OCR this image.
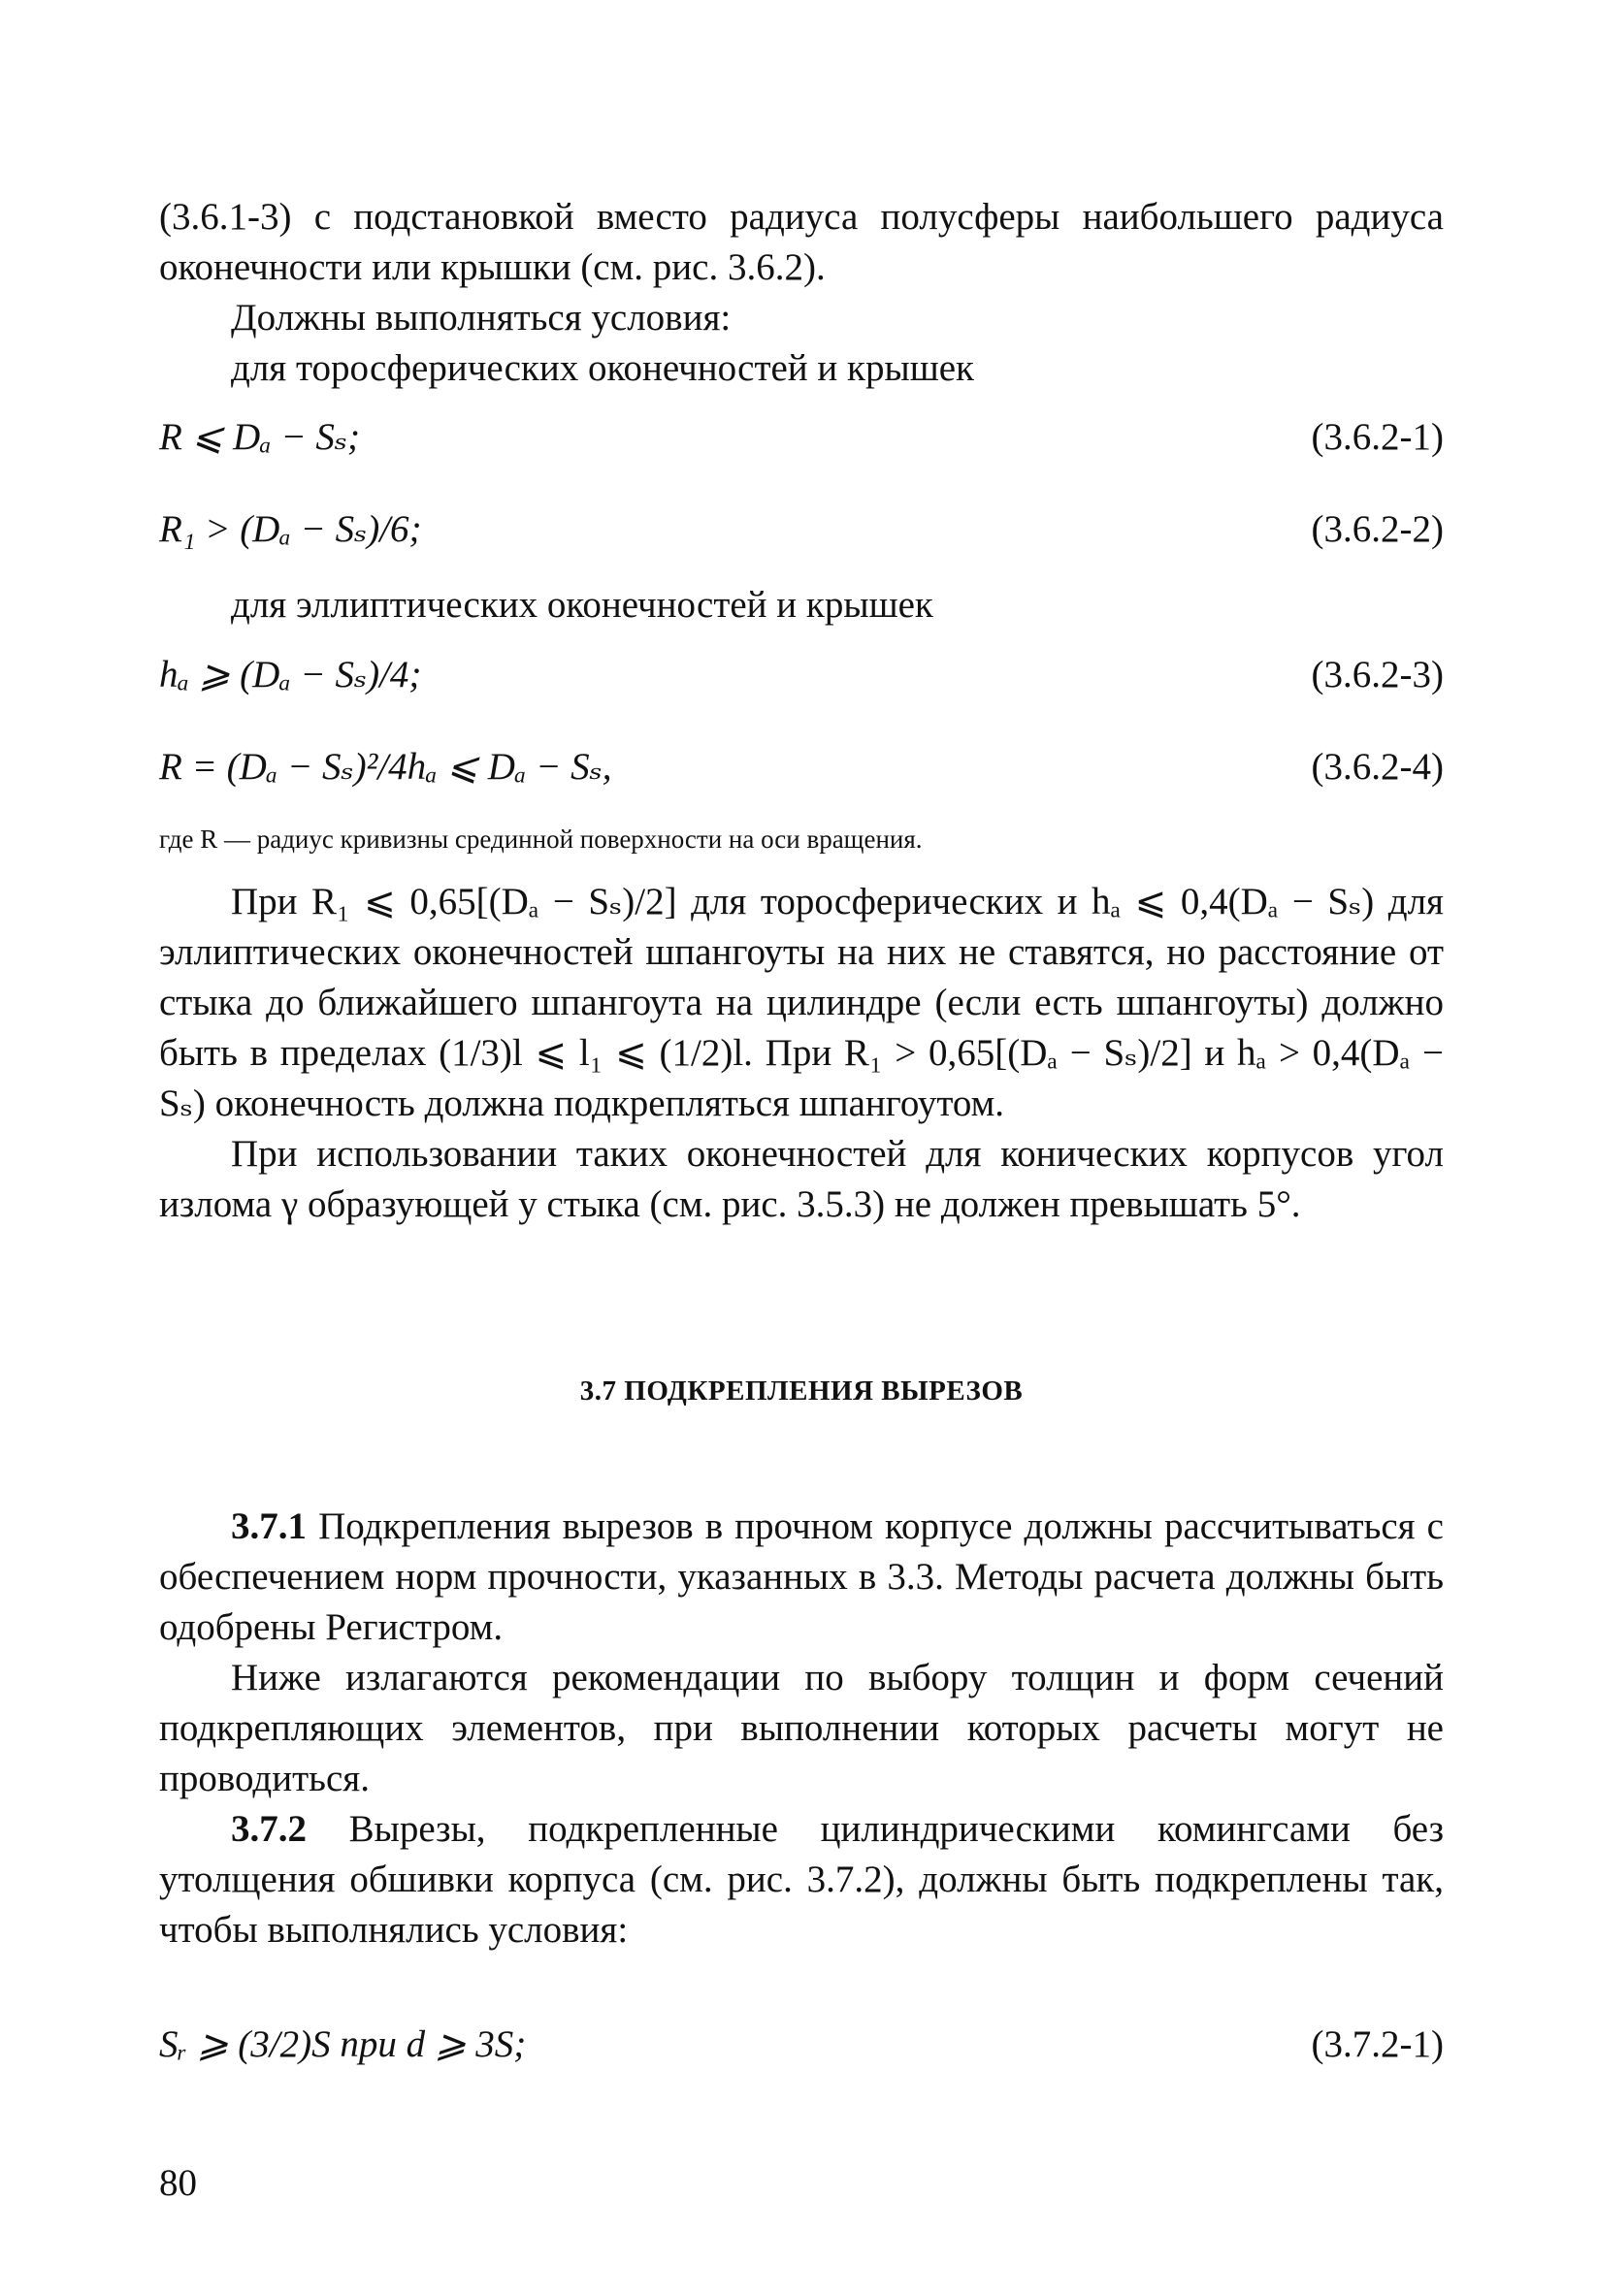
(3.6.1-3) с подстановкой вместо радиуса полусферы наибольшего радиуса оконечности или крышки (см. рис. 3.6.2).

Должны выполняться условия:

для торосферических оконечностей и крышек

R ⩽ Dₐ − Sₛ;	(3.6.2-1)
R₁ > (Dₐ − Sₛ)/6;	(3.6.2-2)

для эллиптических оконечностей и крышек

hₐ ⩾ (Dₐ − Sₛ)/4;	(3.6.2-3)
R = (Dₐ − Sₛ)²/4hₐ ⩽ Dₐ − Sₛ,	(3.6.2-4)

где R — радиус кривизны срединной поверхности на оси вращения.

При R₁ ⩽ 0,65[(Dₐ − Sₛ)/2] для торосферических и hₐ ⩽ 0,4(Dₐ − Sₛ) для эллиптических оконечностей шпангоуты на них не ставятся, но расстояние от стыка до ближайшего шпангоута на цилиндре (если есть шпангоуты) должно быть в пределах (1/3)l ⩽ l₁ ⩽ (1/2)l. При R₁ > 0,65[(Dₐ − Sₛ)/2] и hₐ > 0,4(Dₐ − Sₛ) оконечность должна подкрепляться шпангоутом.

При использовании таких оконечностей для конических корпусов угол излома γ образующей у стыка (см. рис. 3.5.3) не должен превышать 5°.

3.7 ПОДКРЕПЛЕНИЯ ВЫРЕЗОВ

3.7.1 Подкрепления вырезов в прочном корпусе должны рассчитываться с обеспечением норм прочности, указанных в 3.3. Методы расчета должны быть одобрены Регистром.

Ниже излагаются рекомендации по выбору толщин и форм сечений подкрепляющих элементов, при выполнении которых расчеты могут не проводиться.

3.7.2 Вырезы, подкрепленные цилиндрическими комингсами без утолщения обшивки корпуса (см. рис. 3.7.2), должны быть подкреплены так, чтобы выполнялись условия:

Sᵣ ⩾ (3/2)S при d ⩾ 3S;	(3.7.2-1)
80
